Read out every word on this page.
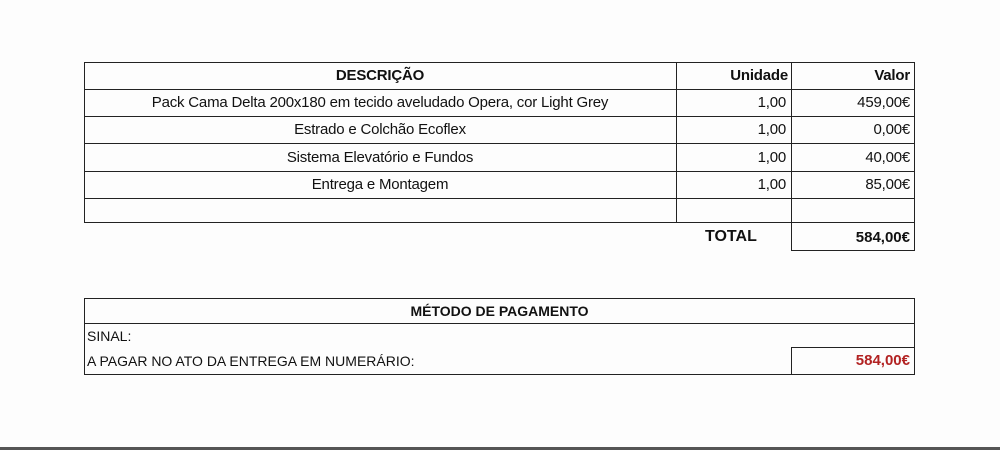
DESCRIÇÃO	Unidade	Valor
Pack Cama Delta 200x180 em tecido aveludado Opera, cor Light Grey	1,00	459,00€
Estrado e Colchão Ecoflex	1,00	0,00€
Sistema Elevatório e Fundos	1,00	40,00€
Entrega e Montagem	1,00	85,00€
TOTAL	584,00€
MÉTODO DE PAGAMENTO
SINAL:
A PAGAR NO ATO DA ENTREGA EM NUMERÁRIO:	584,00€
